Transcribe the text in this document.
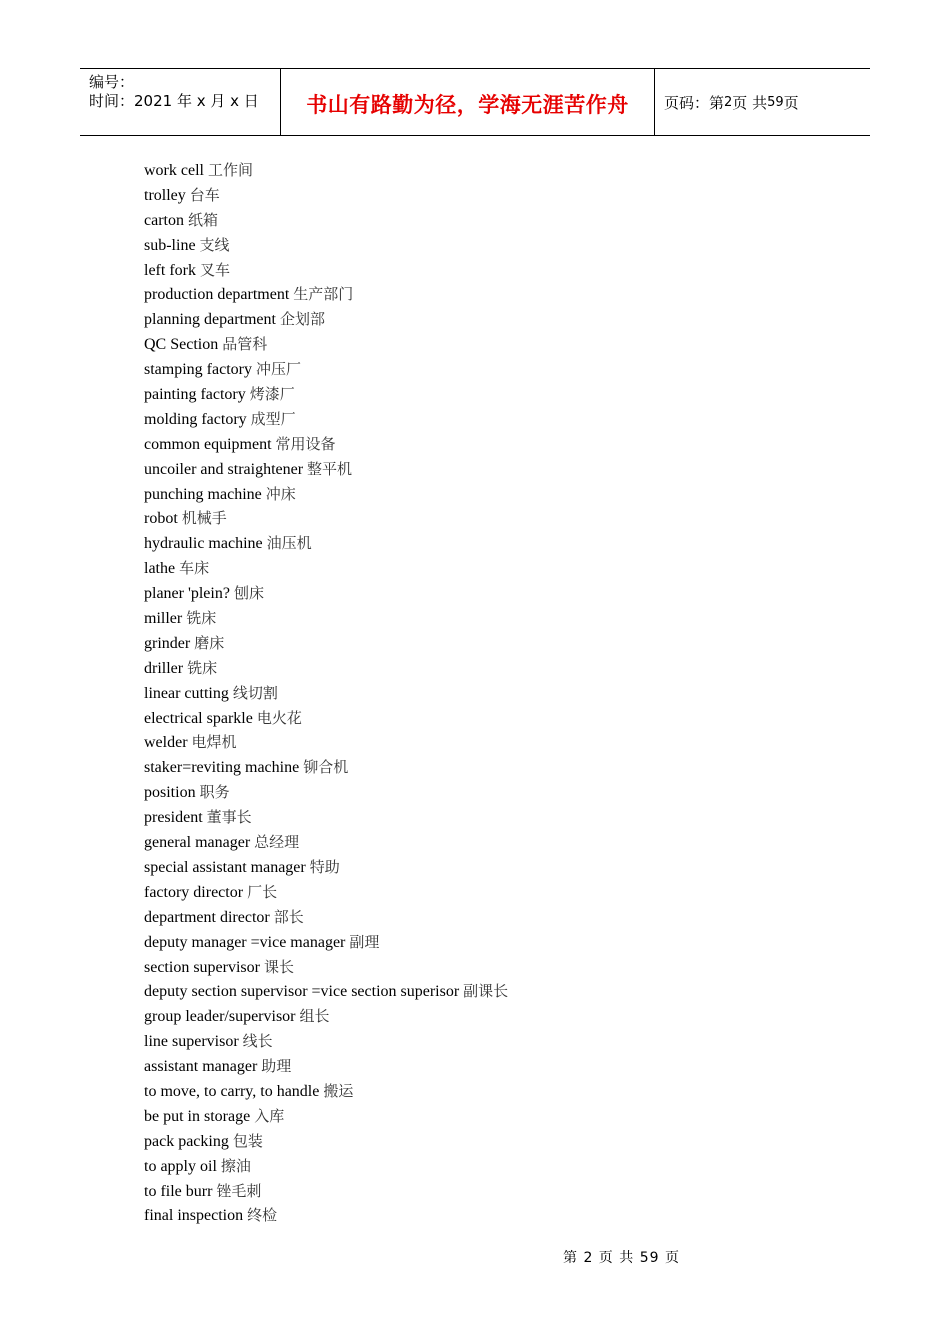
编号：
时间：2021 年 x 月 x 日 书山有路勤为径，学海无涯苦作舟 页码：第 2 页 共 59 页
work cell 工作间
trolley 台车
carton 纸箱
sub-line 支线
left fork 叉车
production department 生产部门
planning department 企划部
QC Section 品管科
stamping factory 冲压厂
painting factory 烤漆厂
molding factory 成型厂
common equipment 常用设备
uncoiler and straightener 整平机
punching machine 冲床
robot 机械手
hydraulic machine 油压机
lathe 车床
planer 'plein? 刨床
miller 铣床
grinder 磨床
driller 铣床
linear cutting 线切割
electrical sparkle 电火花
welder 电焊机
staker=reviting machine 铆合机
position 职务
president 董事长
general manager 总经理
special assistant manager 特助
factory director 厂长
department director 部长
deputy manager =vice manager 副理
section supervisor 课长
deputy section supervisor =vice section superisor 副课长
group leader/supervisor 组长
line supervisor 线长
assistant manager 助理
to move, to carry, to handle 搬运
be put in storage 入库
pack packing 包装
to apply oil 擦油
to file burr 锉毛刺
final inspection 终检
第 2 页 共 59 页
